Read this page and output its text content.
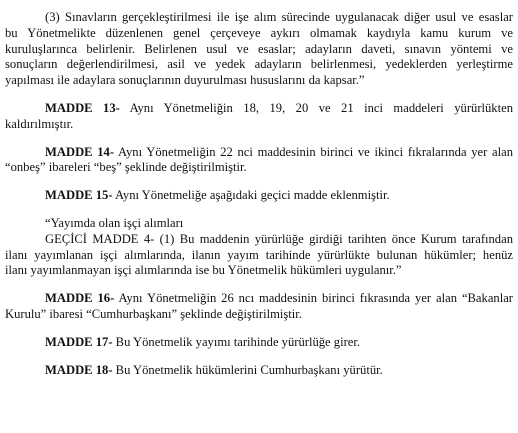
(3) Sınavların gerçekleştirilmesi ile işe alım sürecinde uygulanacak diğer usul ve esaslar
bu Yönetmelikte düzenlenen genel çerçeveye aykırı olmamak kaydıyla kamu kurum ve
kuruluşlarınca belirlenir. Belirlenen usul ve esaslar; adayların daveti, sınavın yöntemi ve
sonuçların değerlendirilmesi, asil ve yedek adayların belirlenmesi, yedeklerden yerleştirme
yapılması ile adaylara sonuçlarının duyurulması hususlarını da kapsar.”
MADDE 13- Aynı Yönetmeliğin 18, 19, 20 ve 21 inci maddeleri yürürlükten
kaldırılmıştır.
MADDE 14- Aynı Yönetmeliğin 22 nci maddesinin birinci ve ikinci fıkralarında yer alan
“onbeş” ibareleri “beş” şeklinde değiştirilmiştir.
MADDE 15- Aynı Yönetmeliğe aşağıdaki geçici madde eklenmiştir.
“Yayımda olan işçi alımları
GEÇİCİ MADDE 4- (1) Bu maddenin yürürlüğe girdiği tarihten önce Kurum tarafından
ilanı yayımlanan işçi alımlarında, ilanın yayım tarihinde yürürlükte bulunan hükümler; henüz
ilanı yayımlanmayan işçi alımlarında ise bu Yönetmelik hükümleri uygulanır.”
MADDE 16- Aynı Yönetmeliğin 26 ncı maddesinin birinci fıkrasında yer alan “Bakanlar
Kurulu” ibaresi “Cumhurbaşkanı” şeklinde değiştirilmiştir.
MADDE 17- Bu Yönetmelik yayımı tarihinde yürürlüğe girer.
MADDE 18- Bu Yönetmelik hükümlerini Cumhurbaşkanı yürütür.
